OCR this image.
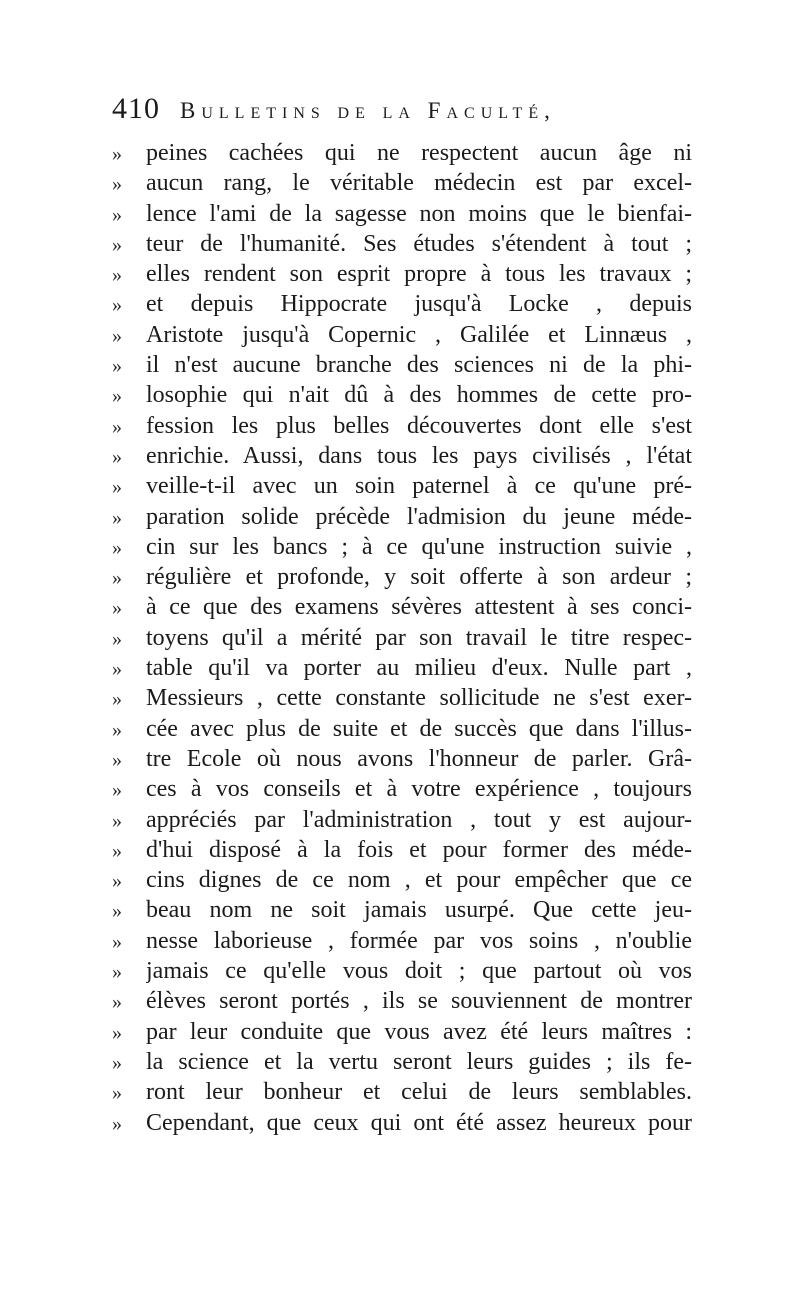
410 Bulletins de la Faculté,
»	peines cachées qui ne respectent aucun âge ni
»	aucun rang, le véritable médecin est par excel-
»	lence l'ami de la sagesse non moins que le bienfai-
»	teur de l'humanité. Ses études s'étendent à tout ;
»	elles rendent son esprit propre à tous les travaux ;
»	et depuis Hippocrate jusqu'à Locke , depuis
»	Aristote jusqu'à Copernic , Galilée et Linnæus ,
»	il n'est aucune branche des sciences ni de la phi-
»	losophie qui n'ait dû à des hommes de cette pro-
»	fession les plus belles découvertes dont elle s'est
»	enrichie. Aussi, dans tous les pays civilisés , l'état
»	veille-t-il avec un soin paternel à ce qu'une pré-
»	paration solide précède l'admision du jeune méde-
»	cin sur les bancs ; à ce qu'une instruction suivie ,
»	régulière et profonde, y soit offerte à son ardeur ;
»	à ce que des examens sévères attestent à ses conci-
»	toyens qu'il a mérité par son travail le titre respec-
»	table qu'il va porter au milieu d'eux. Nulle part ,
»	Messieurs , cette constante sollicitude ne s'est exer-
»	cée avec plus de suite et de succès que dans l'illus-
»	tre Ecole où nous avons l'honneur de parler. Grâ-
»	ces à vos conseils et à votre expérience , toujours
»	appréciés par l'administration , tout y est aujour-
»	d'hui disposé à la fois et pour former des méde-
»	cins dignes de ce nom , et pour empêcher que ce
»	beau nom ne soit jamais usurpé. Que cette jeu-
»	nesse laborieuse , formée par vos soins , n'oublie
»	jamais ce qu'elle vous doit ; que partout où vos
»	élèves seront portés , ils se souviennent de montrer
»	par leur conduite que vous avez été leurs maîtres :
»	la science et la vertu seront leurs guides ; ils fe-
»	ront leur bonheur et celui de leurs semblables.
»	Cependant, que ceux qui ont été assez heureux pour
